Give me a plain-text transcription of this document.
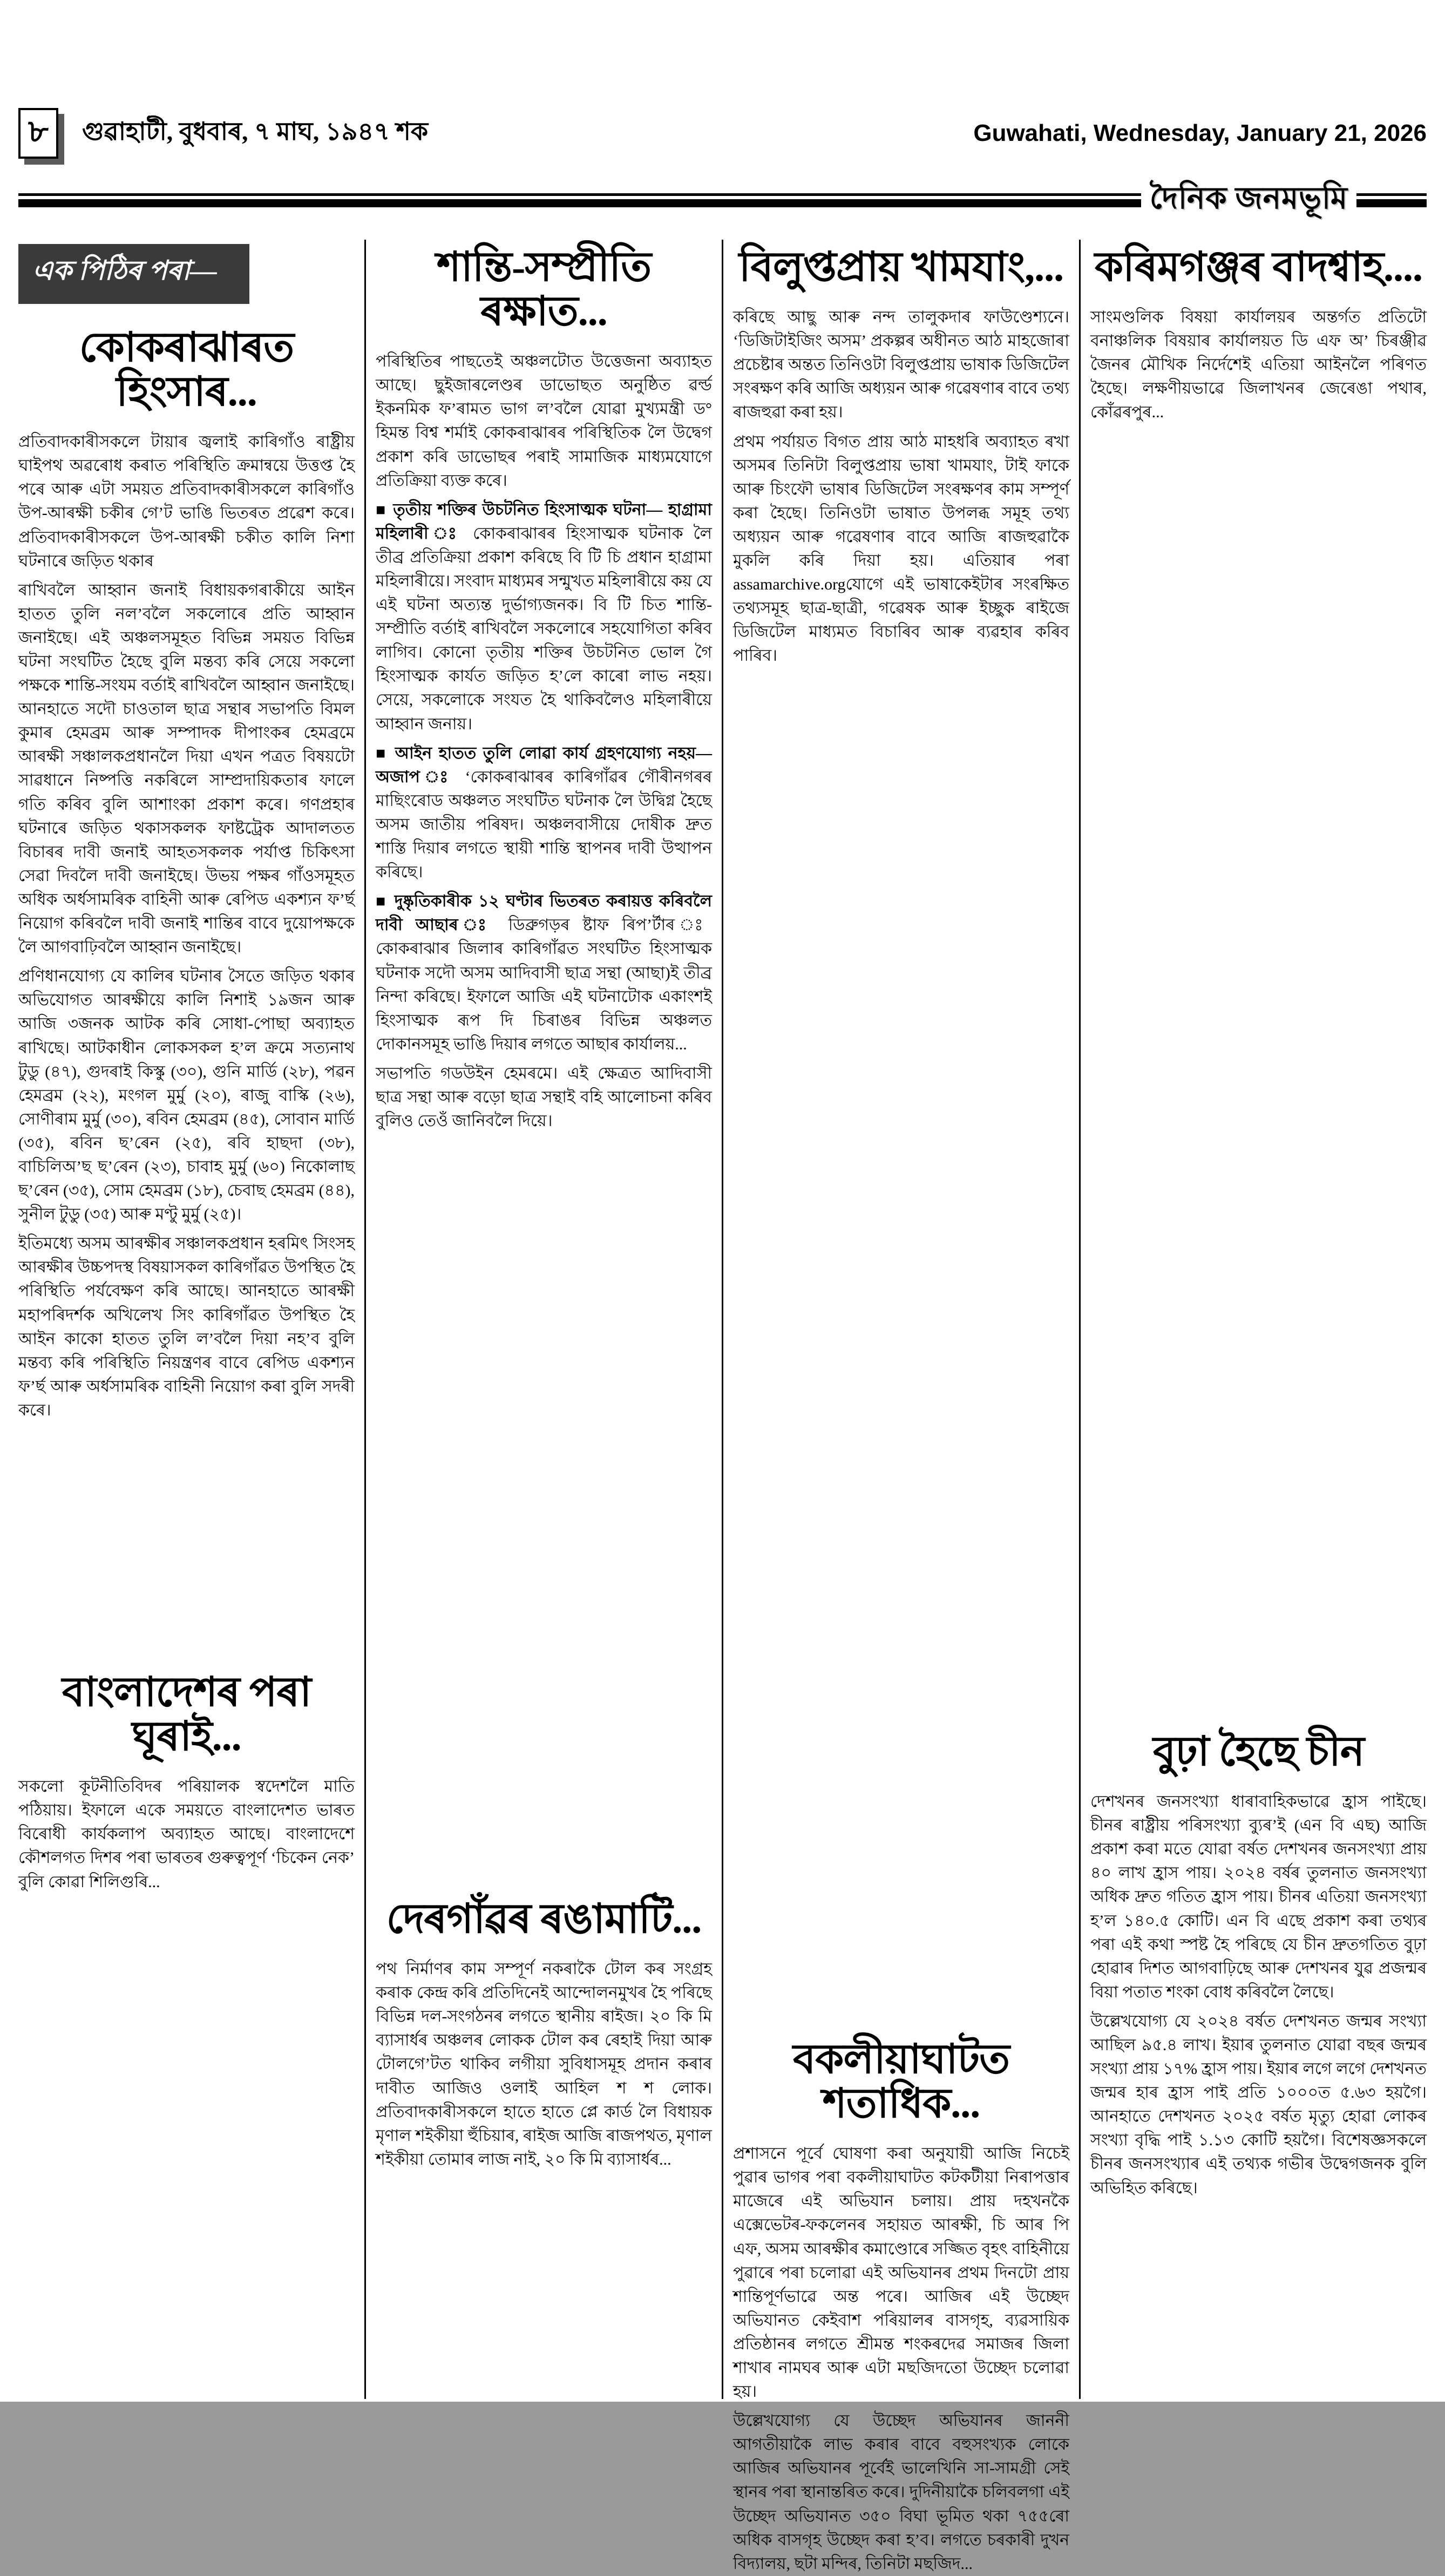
৮ গুৱাহাটী, বুধবাৰ, ৭ মাঘ, ১৯৪৭ শক	Guwahati, Wednesday, January 21, 2026
দৈনিক জনমভূমি
এক পিঠিৰ পৰা—
কোকৰাঝাৰত হিংসাৰ...

প্ৰতিবাদকাৰীসকলে টায়াৰ জ্বলাই কাৰিগাঁও ৰাষ্ট্ৰীয় ঘাইপথ অৱৰোধ কৰাত পৰিস্থিতি ক্ৰমান্বয়ে উত্তপ্ত হৈ পৰে আৰু এটা সময়ত প্ৰতিবাদকাৰীসকলে কাৰিগাঁও উপ-আৰক্ষী চকীৰ গে’ট ভাঙি ভিতৰত প্ৰৱেশ কৰে। প্ৰতিবাদকাৰীসকলে উপ-আৰক্ষী চকীত কালি নিশা ঘটনাৰে জড়িত থকাৰ

ৰাখিবলৈ আহ্বান জনাই বিধায়কগৰাকীয়ে আইন হাতত তুলি নল’বলৈ সকলোৰে প্ৰতি আহ্বান জনাইছে। এই অঞ্চলসমূহত বিভিন্ন সময়ত বিভিন্ন ঘটনা সংঘটিত হৈছে বুলি মন্তব্য কৰি সেয়ে সকলো পক্ষকে শান্তি-সংযম বৰ্তাই ৰাখিবলৈ আহ্বান জনাইছে। আনহাতে সদৌ চাওতাল ছাত্ৰ সন্থাৰ সভাপতি বিমল কুমাৰ হেমব্ৰম আৰু সম্পাদক দীপাংকৰ হেমব্ৰমে আৰক্ষী সঞ্চালকপ্ৰধানলৈ দিয়া এখন পত্ৰত বিষয়টো সাৱধানে নিষ্পত্তি নকৰিলে সাম্প্ৰদায়িকতাৰ ফালে গতি কৰিব বুলি আশাংকা প্ৰকাশ কৰে। গণপ্ৰহাৰ ঘটনাৰে জড়িত থকাসকলক ফাষ্টট্ৰেক আদালতত বিচাৰৰ দাবী জনাই আহতসকলক পৰ্যাপ্ত চিকিৎসা সেৱা দিবলৈ দাবী জনাইছে। উভয় পক্ষৰ গাঁওসমূহত অধিক অৰ্ধসামৰিক বাহিনী আৰু ৰেপিড একশ্যন ফ’ৰ্ছ নিয়োগ কৰিবলৈ দাবী জনাই শান্তিৰ বাবে দুয়োপক্ষকে লৈ আগবাঢ়িবলৈ আহ্বান জনাইছে।

প্ৰণিধানযোগ্য যে কালিৰ ঘটনাৰ সৈতে জড়িত থকাৰ অভিযোগত আৰক্ষীয়ে কালি নিশাই ১৯জন আৰু আজি ৩জনক আটক কৰি সোধা-পোছা অব্যাহত ৰাখিছে। আটকাধীন লোকসকল হ’ল ক্ৰমে সত্যনাথ টুডু (৪৭), গুদৰাই কিস্কু (৩০), গুনি মাৰ্ডি (২৮), পৱন হেমব্ৰম (২২), মংগল মুৰ্মু (২০), ৰাজু বাস্কি (২৬), সোণীৰাম মুৰ্মু (৩০), ৰবিন হেমব্ৰম (৪৫), সোবান মাৰ্ডি (৩৫), ৰবিন ছ’ৰেন (২৫), ৰবি হাছদা (৩৮), বাচিলিঅ’ছ ছ’ৰেন (২৩), চাবাহ মুৰ্মু (৬০) নিকোলাছ ছ’ৰেন (৩৫), সোম হেমব্ৰম (১৮), চেবাছ হেমব্ৰম (৪৪), সুনীল টুডু (৩৫) আৰু মণ্টু মুৰ্মু (২৫)।

ইতিমধ্যে অসম আৰক্ষীৰ সঞ্চালকপ্ৰধান হৰমিৎ সিংসহ আৰক্ষীৰ উচ্চপদস্থ বিষয়াসকল কাৰিগাঁৱত উপস্থিত হৈ পৰিস্থিতি পৰ্যবেক্ষণ কৰি আছে। আনহাতে আৰক্ষী মহাপৰিদৰ্শক অখিলেখ সিং কাৰিগাঁৱত উপস্থিত হৈ আইন কাকো হাতত তুলি ল’বলৈ দিয়া নহ’ব বুলি মন্তব্য কৰি পৰিস্থিতি নিয়ন্ত্ৰণৰ বাবে ৰেপিড একশ্যন ফ’ৰ্ছ আৰু অৰ্ধসামৰিক বাহিনী নিয়োগ কৰা বুলি সদৰী কৰে।

বাংলাদেশৰ পৰা ঘূৰাই...

সকলো কূটনীতিবিদৰ পৰিয়ালক স্বদেশলৈ মাতি পঠিয়ায়। ইফালে একে সময়তে বাংলাদেশত ভাৰত বিৰোধী কাৰ্যকলাপ অব্যাহত আছে। বাংলাদেশে কৌশলগত দিশৰ পৰা ভাৰতৰ গুৰুত্বপূৰ্ণ ‘চিকেন নেক’ বুলি কোৱা শিলিগুৰি...

শান্তি-সম্প্ৰীতি ৰক্ষাত...

পৰিস্থিতিৰ পাছতেই অঞ্চলটোত উত্তেজনা অব্যাহত আছে। ছুইজাৰলেণ্ডৰ ডাভোছত অনুষ্ঠিত ৱৰ্ল্ড ইকনমিক ফ’ৰামত ভাগ ল’বলৈ যোৱা মুখ্যমন্ত্ৰী ড° হিমন্ত বিশ্ব শৰ্মাই কোকৰাঝাৰৰ পৰিস্থিতিক লৈ উদ্বেগ প্ৰকাশ কৰি ডাভোছৰ পৰাই সামাজিক মাধ্যমযোগে প্ৰতিক্ৰিয়া ব্যক্ত কৰে।

■ তৃতীয় শক্তিৰ উচটনিত হিংসাত্মক ঘটনা— হাগ্ৰামা মহিলাৰী ঃ কোকৰাঝাৰৰ হিংসাত্মক ঘটনাক লৈ তীব্ৰ প্ৰতিক্ৰিয়া প্ৰকাশ কৰিছে বি টি চি প্ৰধান হাগ্ৰামা মহিলাৰীয়ে। সংবাদ মাধ্যমৰ সন্মুখত মহিলাৰীয়ে কয় যে এই ঘটনা অত্যন্ত দুৰ্ভাগ্যজনক। বি টি চিত শান্তি-সম্প্ৰীতি বৰ্তাই ৰাখিবলৈ সকলোৰে সহযোগিতা কৰিব লাগিব। কোনো তৃতীয় শক্তিৰ উচটনিত ভোল গৈ হিংসাত্মক কাৰ্যত জড়িত হ’লে কাৰো লাভ নহয়। সেয়ে, সকলোকে সংযত হৈ থাকিবলৈও মহিলাৰীয়ে আহ্বান জনায়।

■ আইন হাতত তুলি লোৱা কাৰ্য গ্ৰহণযোগ্য নহয়— অজাপ ঃ ‘কোকৰাঝাৰৰ কাৰিগাঁৱৰ গৌৰীনগৰৰ মাছিংৰোড অঞ্চলত সংঘটিত ঘটনাক লৈ উদ্বিগ্ন হৈছে অসম জাতীয় পৰিষদ। অঞ্চলবাসীয়ে দোষীক দ্ৰুত শাস্তি দিয়াৰ লগতে স্থায়ী শান্তি স্থাপনৰ দাবী উত্থাপন কৰিছে।

■ দুষ্কৃতিকাৰীক ১২ ঘণ্টাৰ ভিতৰত কৰায়ত্ত কৰিবলৈ দাবী আছাৰ ঃ ডিব্ৰুগড়ৰ ষ্টাফ ৰিপ’ৰ্টাৰ ঃ কোকৰাঝাৰ জিলাৰ কাৰিগাঁৱত সংঘটিত হিংসাত্মক ঘটনাক সদৌ অসম আদিবাসী ছাত্ৰ সন্থা (আছা)ই তীব্ৰ নিন্দা কৰিছে। ইফালে আজি এই ঘটনাটোক একাংশই হিংসাত্মক ৰূপ দি চিৰাঙৰ বিভিন্ন অঞ্চলত দোকানসমূহ ভাঙি দিয়াৰ লগতে আছাৰ কাৰ্যালয়...

সভাপতি গডউইন হেমৰমে। এই ক্ষেত্ৰত আদিবাসী ছাত্ৰ সন্থা আৰু বড়ো ছাত্ৰ সন্থাই বহি আলোচনা কৰিব বুলিও তেওঁ জানিবলৈ দিয়ে।

দেৰগাঁৱৰ ৰঙামাটি...

পথ নিৰ্মাণৰ কাম সম্পূৰ্ণ নকৰাকৈ টোল কৰ সংগ্ৰহ কৰাক কেন্দ্ৰ কৰি প্ৰতিদিনেই আন্দোলনমুখৰ হৈ পৰিছে বিভিন্ন দল-সংগঠনৰ লগতে স্থানীয় ৰাইজ। ২০ কি মি ব্যাসাৰ্ধৰ অঞ্চলৰ লোকক টোল কৰ ৰেহাই দিয়া আৰু টোলগে’টত থাকিব লগীয়া সুবিধাসমূহ প্ৰদান কৰাৰ দাবীত আজিও ওলাই আহিল শ শ লোক। প্ৰতিবাদকাৰীসকলে হাতে হাতে প্লে কাৰ্ড লৈ বিধায়ক মৃণাল শইকীয়া হুঁচিয়াৰ, ৰাইজ আজি ৰাজপথত, মৃণাল শইকীয়া তোমাৰ লাজ নাই, ২০ কি মি ব্যাসাৰ্ধৰ...

বিলুপ্তপ্ৰায় খামযাং,...

কৰিছে আছু আৰু নন্দ তালুকদাৰ ফাউণ্ডেশ্যনে। ‘ডিজিটাইজিং অসম’ প্ৰকল্পৰ অধীনত আঠ মাহজোৰা প্ৰচেষ্টাৰ অন্তত তিনিওটা বিলুপ্তপ্ৰায় ভাষাক ডিজিটেল সংৰক্ষণ কৰি আজি অধ্যয়ন আৰু গৱেষণাৰ বাবে তথ্য ৰাজহুৱা কৰা হয়।

প্ৰথম পৰ্যায়ত বিগত প্ৰায় আঠ মাহধৰি অব্যাহত ৰখা অসমৰ তিনিটা বিলুপ্তপ্ৰায় ভাষা খামযাং, টাই ফাকে আৰু চিংফৌ ভাষাৰ ডিজিটেল সংৰক্ষণৰ কাম সম্পূৰ্ণ কৰা হৈছে। তিনিওটা ভাষাত উপলব্ধ সমূহ তথ্য অধ্যয়ন আৰু গৱেষণাৰ বাবে আজি ৰাজহুৱাকৈ মুকলি কৰি দিয়া হয়। এতিয়াৰ পৰা assamarchive.orgযোগে এই ভাষাকেইটাৰ সংৰক্ষিত তথ্যসমূহ ছাত্ৰ-ছাত্ৰী, গৱেষক আৰু ইচ্ছুক ৰাইজে ডিজিটেল মাধ্যমত বিচাৰিব আৰু ব্যৱহাৰ কৰিব পাৰিব।

বকলীয়াঘাটত শতাধিক...

প্ৰশাসনে পূৰ্বে ঘোষণা কৰা অনুযায়ী আজি নিচেই পুৱাৰ ভাগৰ পৰা বকলীয়াঘাটত কটকটীয়া নিৰাপত্তাৰ মাজেৰে এই অভিযান চলায়। প্ৰায় দহখনকৈ এক্সেভেটৰ-ফকলেনৰ সহায়ত আৰক্ষী, চি আৰ পি এফ, অসম আৰক্ষীৰ কমাণ্ডোৰে সজ্জিত বৃহৎ বাহিনীয়ে পুৱাৰে পৰা চলোৱা এই অভিযানৰ প্ৰথম দিনটো প্ৰায় শান্তিপূৰ্ণভাৱে অন্ত পৰে। আজিৰ এই উচ্ছেদ অভিযানত কেইবাশ পৰিয়ালৰ বাসগৃহ, ব্যৱসায়িক প্ৰতিষ্ঠানৰ লগতে শ্ৰীমন্ত শংকৰদেৱ সমাজৰ জিলা শাখাৰ নামঘৰ আৰু এটা মছজিদতো উচ্ছেদ চলোৱা হয়।

উল্লেখযোগ্য যে উচ্ছেদ অভিযানৰ জাননী আগতীয়াকৈ লাভ কৰাৰ বাবে বহুসংখ্যক লোকে আজিৰ অভিযানৰ পূৰ্বেই ভালেখিনি সা-সামগ্ৰী সেই স্থানৰ পৰা স্থানান্তৰিত কৰে। দুদিনীয়াকৈ চলিবলগা এই উচ্ছেদ অভিযানত ৩৫০ বিঘা ভূমিত থকা ৭৫৫ৰো অধিক বাসগৃহ উচ্ছেদ কৰা হ’ব। লগতে চৰকাৰী দুখন বিদ্যালয়, ছটা মন্দিৰ, তিনিটা মছজিদ...

কৰিমগঞ্জৰ বাদশ্বাহ....

সাংমণ্ডলিক বিষয়া কাৰ্যালয়ৰ অন্তৰ্গত প্ৰতিটো বনাঞ্চলিক বিষয়াৰ কাৰ্যালয়ত ডি এফ অ’ চিৰঞ্জীৱ জৈনৰ মৌখিক নিৰ্দেশেই এতিয়া আইনলৈ পৰিণত হৈছে। লক্ষণীয়ভাৱে জিলাখনৰ জেৰেঙা পথাৰ, কোঁৱৰপুৰ...

বুঢ়া হৈছে চীন

দেশখনৰ জনসংখ্যা ধাৰাবাহিকভাৱে হ্ৰাস পাইছে। চীনৰ ৰাষ্ট্ৰীয় পৰিসংখ্যা ব্যুৰ’ই (এন বি এছ) আজি প্ৰকাশ কৰা মতে যোৱা বৰ্ষত দেশখনৰ জনসংখ্যা প্ৰায় ৪০ লাখ হ্ৰাস পায়। ২০২৪ বৰ্ষৰ তুলনাত জনসংখ্যা অধিক দ্ৰুত গতিত হ্ৰাস পায়। চীনৰ এতিয়া জনসংখ্যা হ’ল ১৪০.৫ কোটি। এন বি এছে প্ৰকাশ কৰা তথ্যৰ পৰা এই কথা স্পষ্ট হৈ পৰিছে যে চীন দ্ৰুতগতিত বুঢ়া হোৱাৰ দিশত আগবাঢ়িছে আৰু দেশখনৰ যুৱ প্ৰজন্মৰ বিয়া পতাত শংকা বোধ কৰিবলৈ লৈছে।

উল্লেখযোগ্য যে ২০২৪ বৰ্ষত দেশখনত জন্মৰ সংখ্যা আছিল ৯৫.৪ লাখ। ইয়াৰ তুলনাত যোৱা বছৰ জন্মৰ সংখ্যা প্ৰায় ১৭% হ্ৰাস পায়। ইয়াৰ লগে লগে দেশখনত জন্মৰ হাৰ হ্ৰাস পাই প্ৰতি ১০০০ত ৫.৬৩ হয়গৈ। আনহাতে দেশখনত ২০২৫ বৰ্ষত মৃত্যু হোৱা লোকৰ সংখ্যা বৃদ্ধি পাই ১.১৩ কোটি হয়গৈ। বিশেষজ্ঞসকলে চীনৰ জনসংখ্যাৰ এই তথ্যক গভীৰ উদ্বেগজনক বুলি অভিহিত কৰিছে।
